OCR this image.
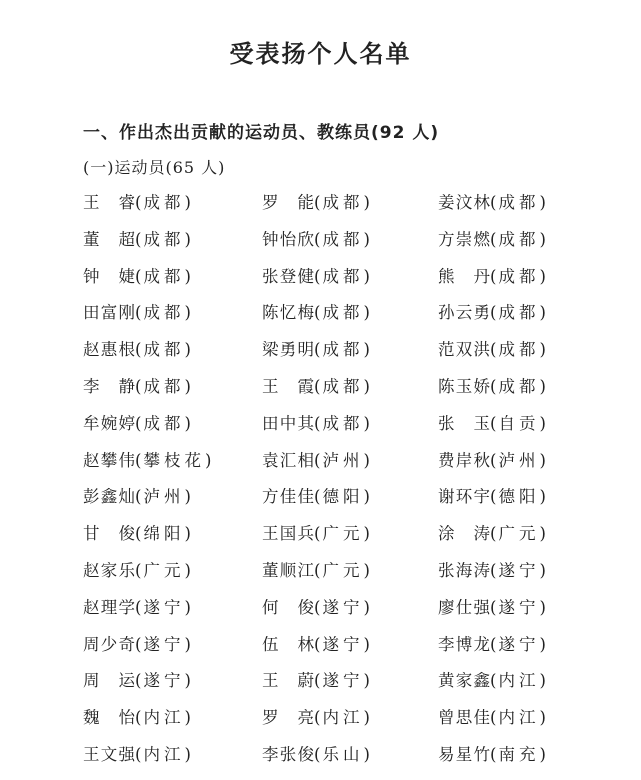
受表扬个人名单
一、作出杰出贡献的运动员、教练员(92 人)
(一)运动员(65 人)
王睿 ( 成都 )	罗能 ( 成都 )	姜汶林 ( 成都 )
董超 ( 成都 )	钟怡欣 ( 成都 )	方崇燃 ( 成都 )
钟婕 ( 成都 )	张登健 ( 成都 )	熊丹 ( 成都 )
田富刚 ( 成都 )	陈忆梅 ( 成都 )	孙云勇 ( 成都 )
赵惠根 ( 成都 )	梁勇明 ( 成都 )	范双洪 ( 成都 )
李静 ( 成都 )	王霞 ( 成都 )	陈玉娇 ( 成都 )
牟婉婷 ( 成都 )	田中其 ( 成都 )	张玉 ( 自贡 )
赵攀伟 ( 攀枝花 )	袁汇相 ( 泸州 )	费岸秋 ( 泸州 )
彭鑫灿 ( 泸州 )	方佳佳 ( 德阳 )	谢环宇 ( 德阳 )
甘俊 ( 绵阳 )	王国兵 ( 广元 )	涂涛 ( 广元 )
赵家乐 ( 广元 )	董顺江 ( 广元 )	张海涛 ( 遂宁 )
赵理学 ( 遂宁 )	何俊 ( 遂宁 )	廖仕强 ( 遂宁 )
周少奇 ( 遂宁 )	伍林 ( 遂宁 )	李博龙 ( 遂宁 )
周运 ( 遂宁 )	王蔚 ( 遂宁 )	黄家鑫 ( 内江 )
魏怡 ( 内江 )	罗亮 ( 内江 )	曾思佳 ( 内江 )
王文强 ( 内江 )	李张俊 ( 乐山 )	易星竹 ( 南充 )
